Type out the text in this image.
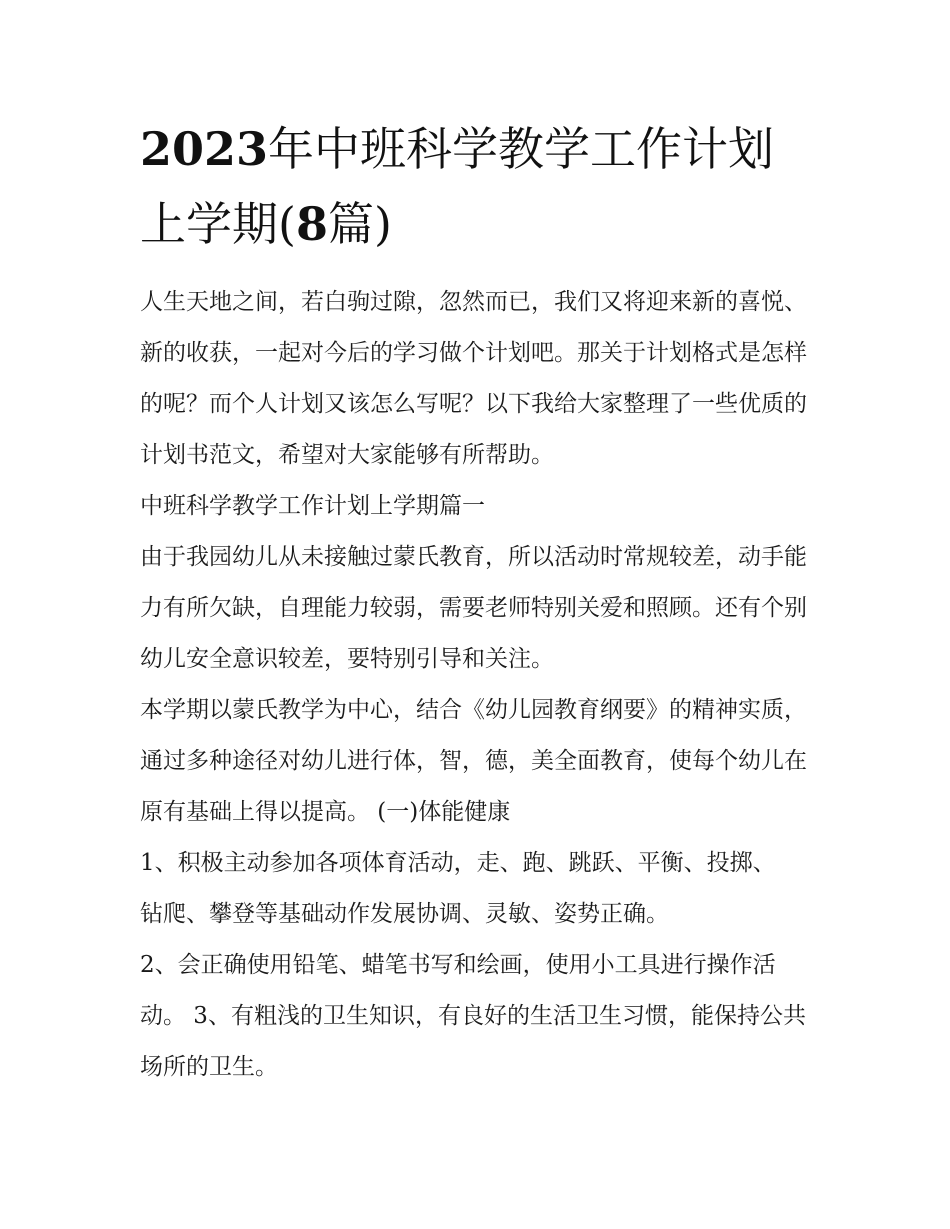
2023年中班科学教学工作计划上学期(8篇)

人生天地之间，若白驹过隙，忽然而已，我们又将迎来新的喜悦、新的收获，一起对今后的学习做个计划吧。那关于计划格式是怎样的呢？而个人计划又该怎么写呢？以下我给大家整理了一些优质的计划书范文，希望对大家能够有所帮助。

中班科学教学工作计划上学期篇一

由于我园幼儿从未接触过蒙氏教育，所以活动时常规较差，动手能力有所欠缺，自理能力较弱，需要老师特别关爱和照顾。还有个别幼儿安全意识较差，要特别引导和关注。

本学期以蒙氏教学为中心，结合《幼儿园教育纲要》的精神实质，通过多种途径对幼儿进行体，智，德，美全面教育，使每个幼儿在原有基础上得以提高。 (一)体能健康

1、积极主动参加各项体育活动，走、跑、跳跃、平衡、投掷、钻爬、攀登等基础动作发展协调、灵敏、姿势正确。

2、会正确使用铅笔、蜡笔书写和绘画，使用小工具进行操作活动。 3、有粗浅的卫生知识，有良好的生活卫生习惯，能保持公共场所的卫生。
